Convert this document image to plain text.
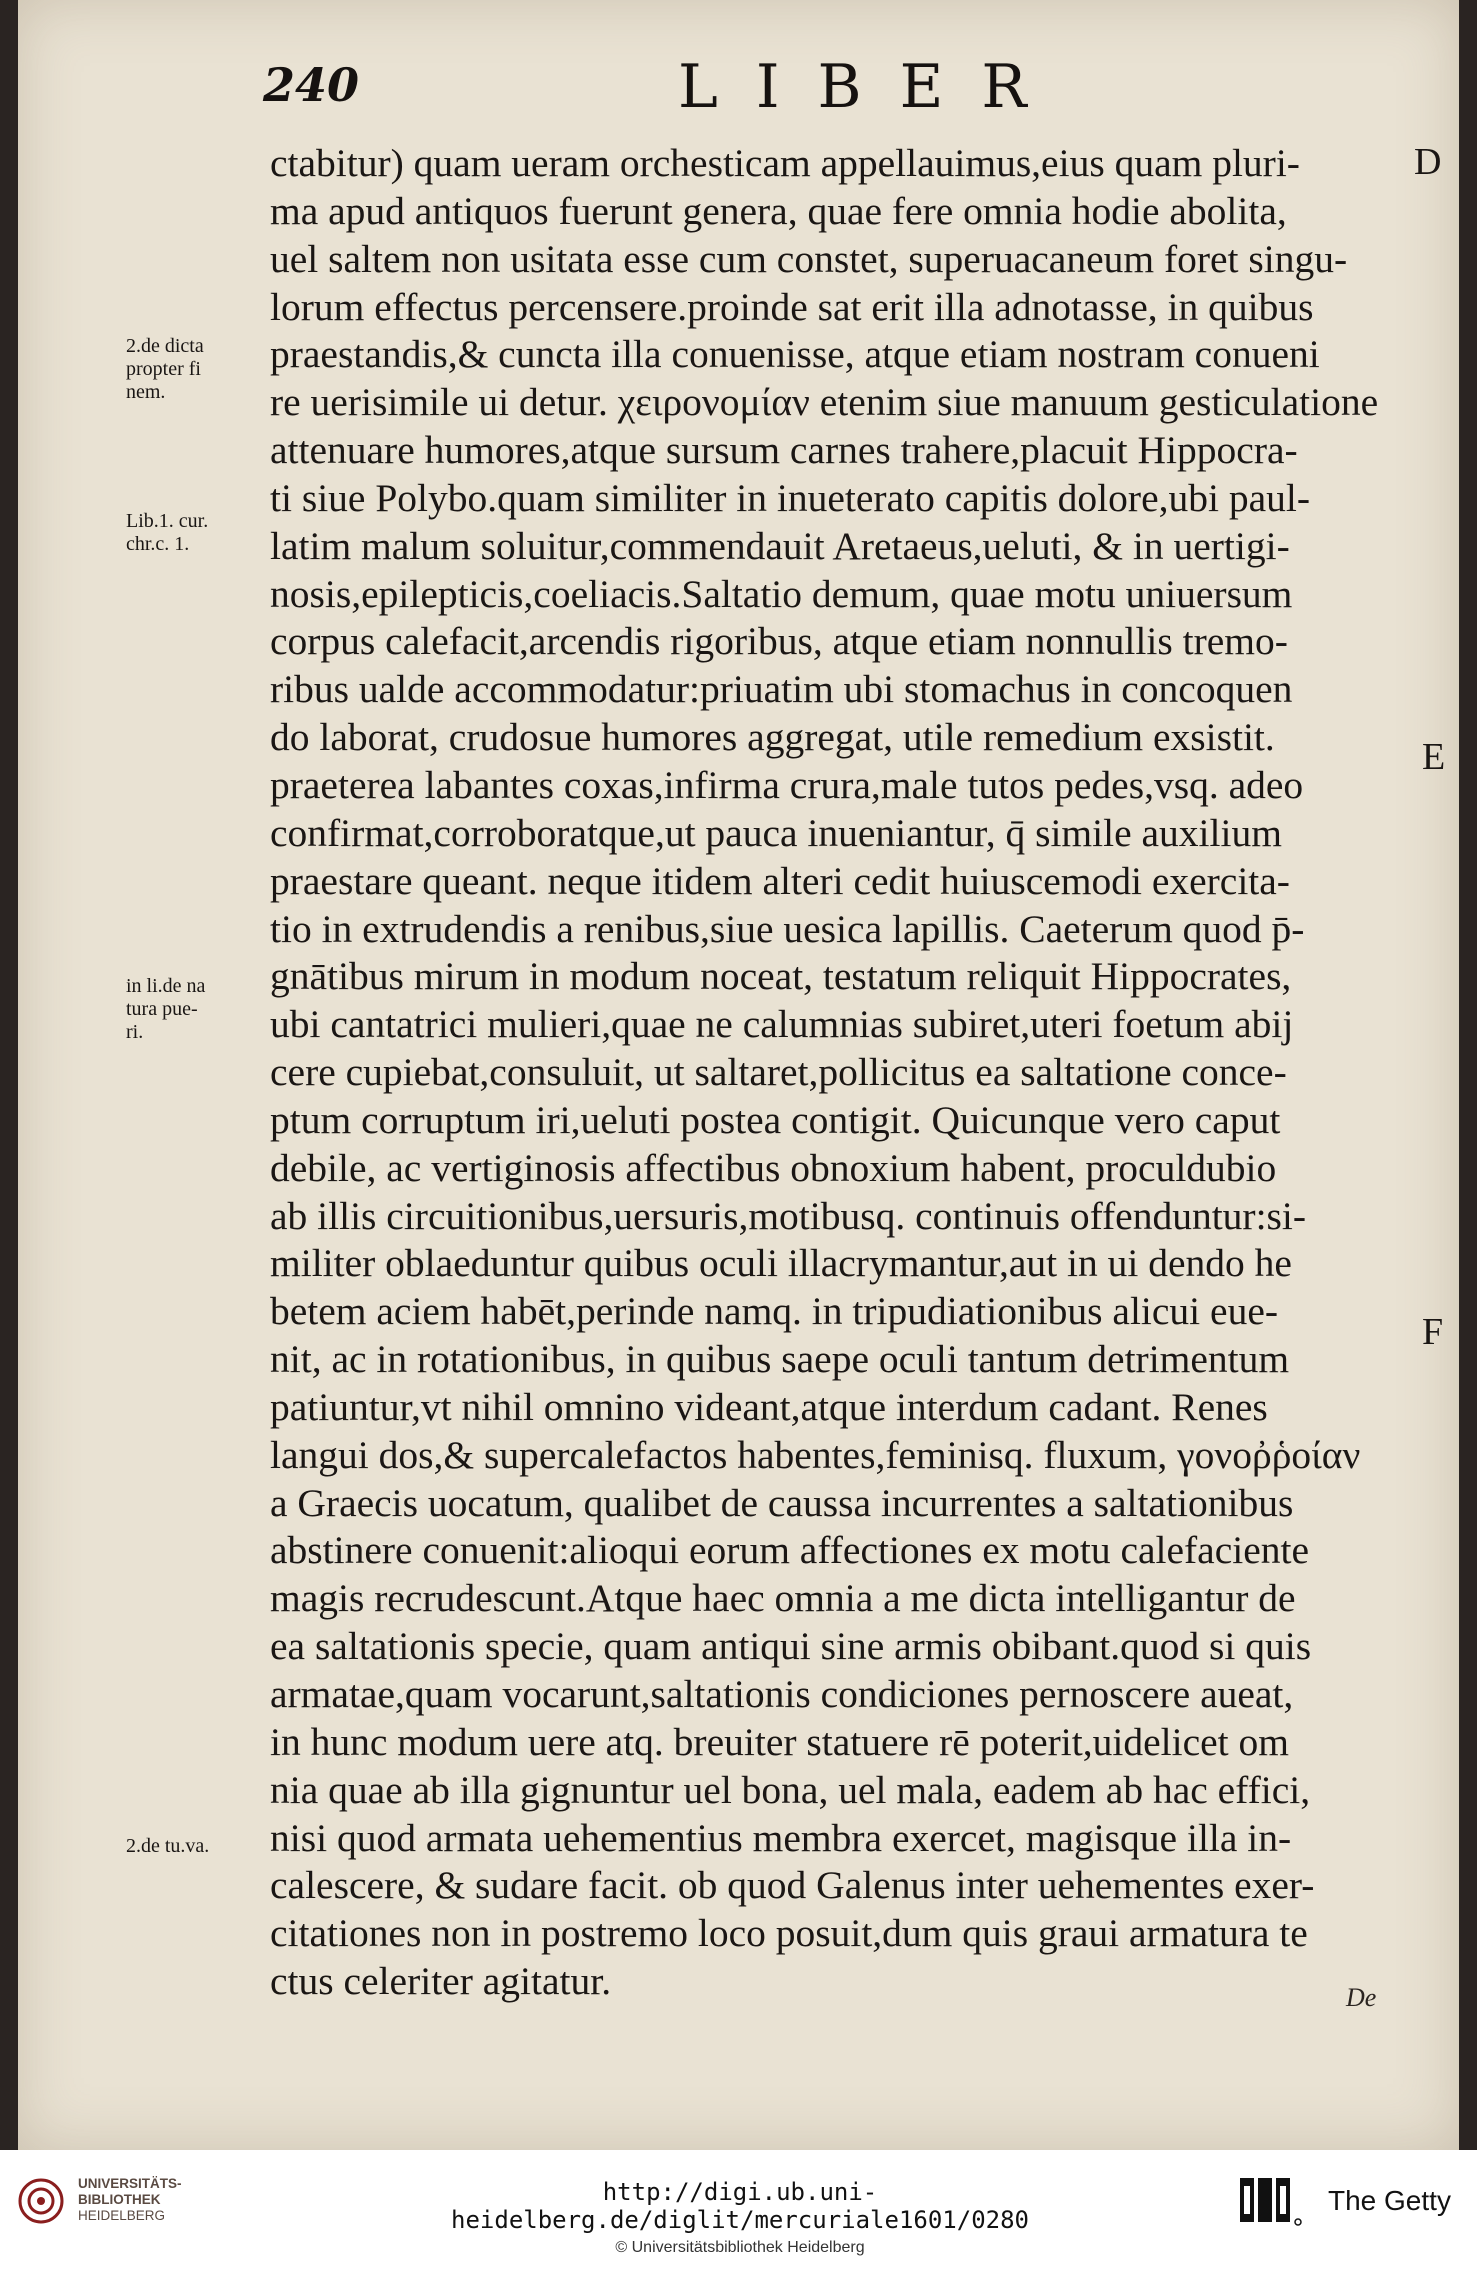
240	LIBER
ctabitur) quam ueram orchesticam appellauimus,eius quam pluri-
ma apud antiquos fuerunt genera, quae fere omnia hodie abolita,
uel saltem non usitata esse cum constet, superuacaneum foret singu-
lorum effectus percensere.proinde sat erit illa adnotasse, in quibus
praestandis,& cuncta illa conuenisse, atque etiam nostram conueni
re uerisimile ui detur. χειρονομίαν etenim siue manuum gesticulatione
attenuare humores,atque sursum carnes trahere,placuit Hippocra-
ti siue Polybo.quam similiter in inueterato capitis dolore,ubi paul-
latim malum soluitur,commendauit Aretaeus,ueluti, & in uertigi-
nosis,epilepticis,coeliacis.Saltatio demum, quae motu uniuersum
corpus calefacit,arcendis rigoribus, atque etiam nonnullis tremo-
ribus ualde accommodatur:priuatim ubi stomachus in concoquen
do laborat, crudosue humores aggregat, utile remedium exsistit.
praeterea labantes coxas,infirma crura,male tutos pedes,vsq. adeo
confirmat,corroboratque,ut pauca inueniantur, q̄ simile auxilium
praestare queant. neque itidem alteri cedit huiuscemodi exercita-
tio in extrudendis a renibus,siue uesica lapillis. Caeterum quod p̄-
gnātibus mirum in modum noceat, testatum reliquit Hippocrates,
ubi cantatrici mulieri,quae ne calumnias subiret,uteri foetum abij
cere cupiebat,consuluit, ut saltaret,pollicitus ea saltatione conce-
ptum corruptum iri,ueluti postea contigit. Quicunque vero caput
debile, ac vertiginosis affectibus obnoxium habent, proculdubio
ab illis circuitionibus,uersuris,motibusq. continuis offenduntur:si-
militer oblaeduntur quibus oculi illacrymantur,aut in ui dendo he
betem aciem habēt,perinde namq. in tripudiationibus alicui eue-
nit, ac in rotationibus, in quibus saepe oculi tantum detrimentum
patiuntur,vt nihil omnino videant,atque interdum cadant. Renes
langui dos,& supercalefactos habentes,feminisq. fluxum, γονοῤῥοίαν
a Graecis uocatum, qualibet de caussa incurrentes a saltationibus
abstinere conuenit:alioqui eorum affectiones ex motu calefaciente
magis recrudescunt.Atque haec omnia a me dicta intelligantur de
ea saltationis specie, quam antiqui sine armis obibant.quod si quis
armatae,quam vocarunt,saltationis condiciones pernoscere aueat,
in hunc modum uere atq. breuiter statuere rē poterit,uidelicet om
nia quae ab illa gignuntur uel bona, uel mala, eadem ab hac effici,
nisi quod armata uehementius membra exercet, magisque illa in-
calescere, & sudare facit. ob quod Galenus inter uehementes exer-
citationes non in postremo loco posuit,dum quis graui armatura te
ctus celeriter agitatur.
2.de dicta
propter fi
nem.
Lib.1. cur.
chr.c. 1.
in li.de na
tura pue-
ri.
2.de tu.va.
D
E
F
De
UNIVERSITÄTS-
BIBLIOTHEK
HEIDELBERG
http://digi.ub.uni-heidelberg.de/diglit/mercuriale1601/0280
© Universitätsbibliothek Heidelberg
The Getty
